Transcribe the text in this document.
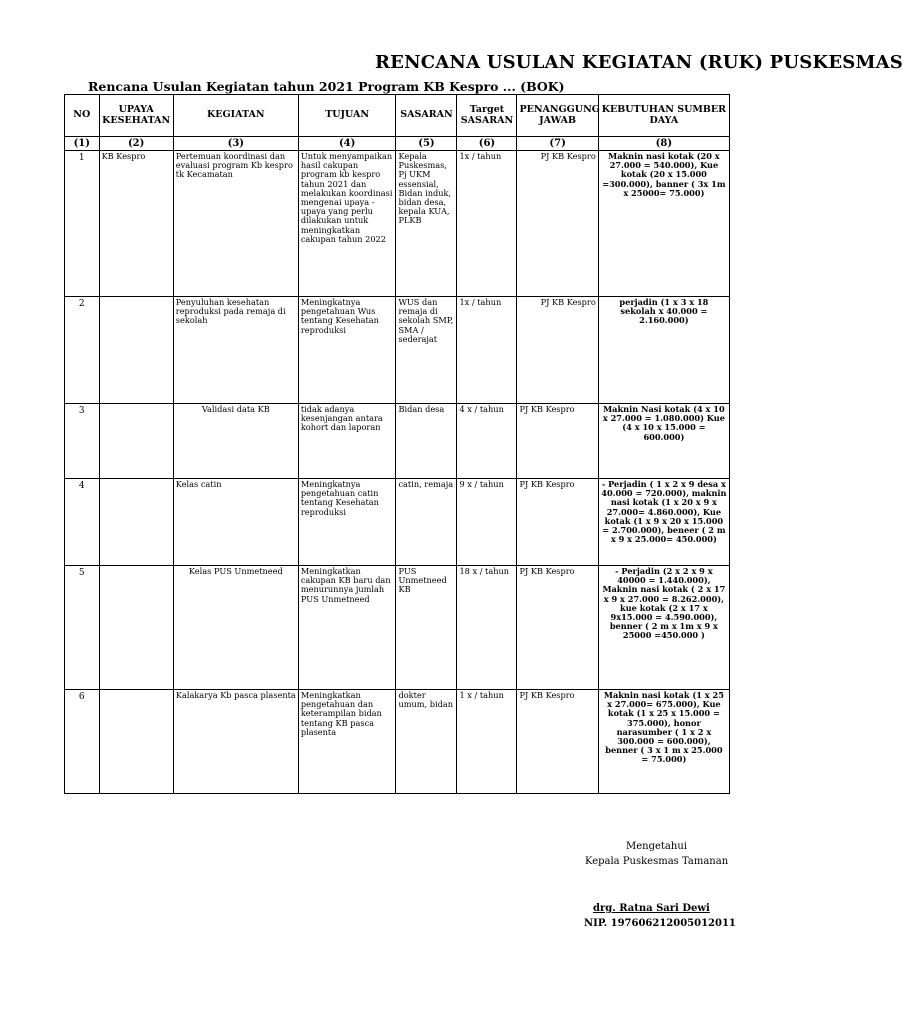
RENCANA USULAN KEGIATAN (RUK) PUSKESMAS
Rencana Usulan Kegiatan tahun 2021 Program KB Kespro ... (BOK)
NO	UPAYA KESEHATAN	KEGIATAN	TUJUAN	SASARAN	Target SASARAN	PENANGGUNG JAWAB	KEBUTUHAN SUMBER DAYA
(1)	(2)	(3)	(4)	(5)	(6)	(7)	(8)
1	KB Kespro	Pertemuan koordinasi dan evaluasi program Kb kespro tk Kecamatan	Untuk menyampaikan hasil cakupan program kb kespro tahun 2021 dan melakukan koordinasi mengenai upaya - upaya yang perlu dilakukan untuk meningkatkan cakupan tahun 2022	Kepala Puskesmas, Pj UKM essensial, Bidan induk, bidan desa, kepala KUA, PLKB	1x / tahun	PJ KB Kespro	Maknin nasi kotak (20 x 27.000 = 540.000), Kue kotak (20 x 15.000 =300.000), banner ( 3x 1m x 25000= 75.000)
2		Penyuluhan kesehatan reproduksi pada remaja di sekolah	Meningkatnya pengetahuan Wus tentang Kesehatan reproduksi	WUS dan remaja di sekolah SMP, SMA / sederajat	1x / tahun	PJ KB Kespro	perjadin (1 x 3 x 18 sekolah x 40.000 = 2.160.000)
3		Validasi data KB	tidak adanya kesenjangan antara kohort dan laporan	Bidan desa	4 x / tahun	PJ KB Kespro	Maknin Nasi kotak (4 x 10 x 27.000 = 1.080.000) Kue (4 x 10 x 15.000 = 600.000)
4		Kelas catin	Meningkatnya pengetahuan catin tentang Kesehatan reproduksi	catin, remaja	9 x / tahun	PJ KB Kespro	- Perjadin ( 1 x 2 x 9 desa x 40.000 = 720.000), maknin nasi kotak (1 x 20 x 9 x 27.000= 4.860.000), Kue kotak (1 x 9 x 20 x 15.000 = 2.700.000), beneer ( 2 m x 9 x 25.000= 450.000)
5		Kelas PUS Unmetneed	Meningkatkan cakupan KB baru dan menurunnya jumlah PUS Unmetneed	PUS Unmetneed KB	18 x / tahun	PJ KB Kespro	- Perjadin (2 x 2 x 9 x 40000 = 1.440.000), Maknin nasi kotak ( 2 x 17 x 9 x 27.000 = 8.262.000), kue kotak (2 x 17 x 9x15.000 = 4.590.000), benner ( 2 m x 1m x 9 x 25000 =450.000 )
6		Kalakarya Kb pasca plasenta	Meningkatkan pengetahuan dan keterampilan bidan tentang KB pasca plasenta	dokter umum, bidan	1 x / tahun	PJ KB Kespro	Maknin nasi kotak (1 x 25 x 27.000= 675.000), Kue kotak (1 x 25 x 15.000 = 375.000), honor narasumber ( 1 x 2 x 300.000 = 600.000), benner ( 3 x 1 m x 25.000 = 75.000)
Mengetahui
Kepala Puskesmas Tamanan
drg. Ratna Sari Dewi
NIP. 197606212005012011
